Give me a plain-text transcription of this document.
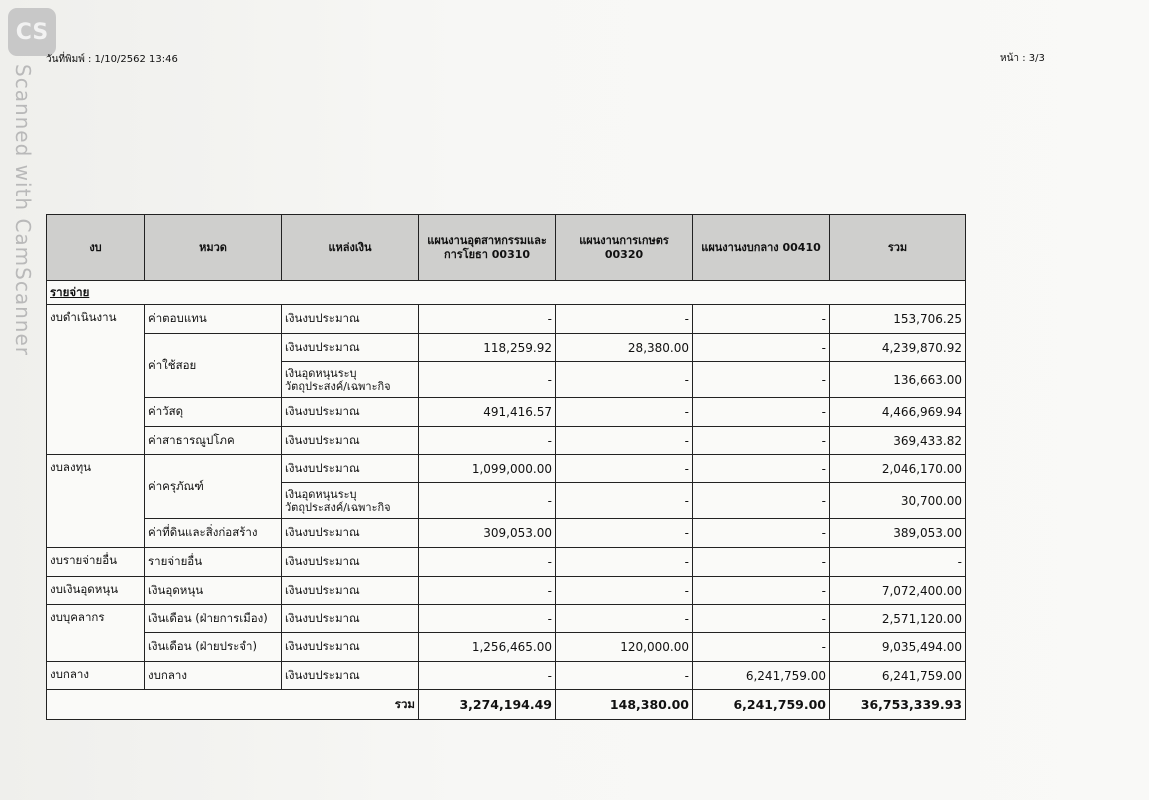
CS
Scanned with CamScanner
วันที่พิมพ์ : 1/10/2562 13:46	หน้า : 3/3
งบ	หมวด	แหล่งเงิน	แผนงานอุตสาหกรรมและการโยธา 00310	แผนงานการเกษตร 00320	แผนงานงบกลาง 00410	รวม
รายจ่าย						
งบดำเนินงาน	ค่าตอบแทน	เงินงบประมาณ	-	-	-	153,706.25
	ค่าใช้สอย	เงินงบประมาณ	118,259.92	28,380.00	-	4,239,870.92
		เงินอุดหนุนระบุวัตถุประสงค์/เฉพาะกิจ	-	-	-	136,663.00
	ค่าวัสดุ	เงินงบประมาณ	491,416.57	-	-	4,466,969.94
	ค่าสาธารณูปโภค	เงินงบประมาณ	-	-	-	369,433.82
งบลงทุน	ค่าครุภัณฑ์	เงินงบประมาณ	1,099,000.00	-	-	2,046,170.00
		เงินอุดหนุนระบุวัตถุประสงค์/เฉพาะกิจ	-	-	-	30,700.00
	ค่าที่ดินและสิ่งก่อสร้าง	เงินงบประมาณ	309,053.00	-	-	389,053.00
งบรายจ่ายอื่น	รายจ่ายอื่น	เงินงบประมาณ	-	-	-	-
งบเงินอุดหนุน	เงินอุดหนุน	เงินงบประมาณ	-	-	-	7,072,400.00
งบบุคลากร	เงินเดือน (ฝ่ายการเมือง)	เงินงบประมาณ	-	-	-	2,571,120.00
	เงินเดือน (ฝ่ายประจำ)	เงินงบประมาณ	1,256,465.00	120,000.00	-	9,035,494.00
งบกลาง	งบกลาง	เงินงบประมาณ	-	-	6,241,759.00	6,241,759.00
รวม			3,274,194.49	148,380.00	6,241,759.00	36,753,339.93
